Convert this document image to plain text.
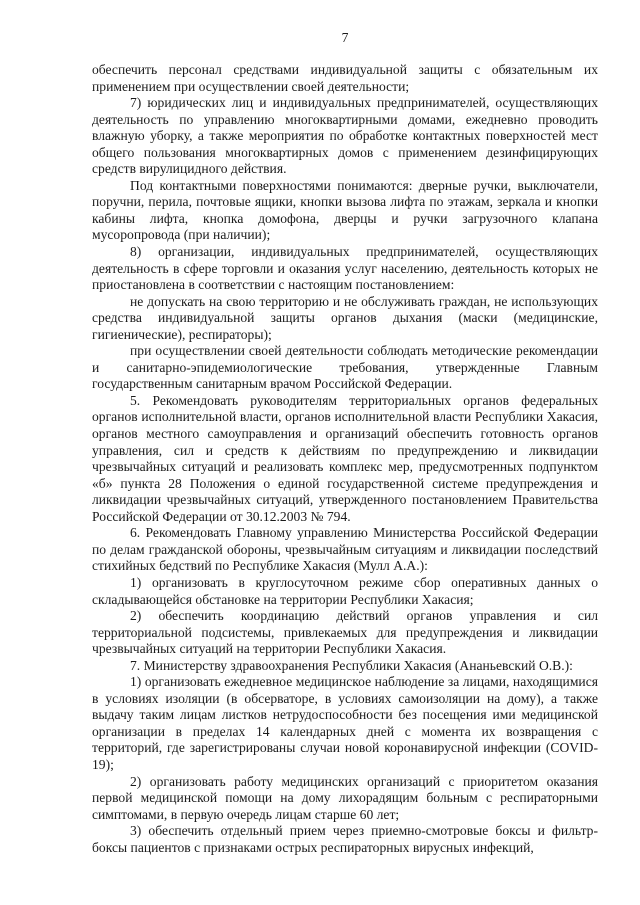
7

обеспечить персонал средствами индивидуальной защиты с обязательным их применением при осуществлении своей деятельности;

7) юридических лиц и индивидуальных предпринимателей, осуществляющих деятельность по управлению многоквартирными домами, ежедневно проводить влажную уборку, а также мероприятия по обработке контактных поверхностей мест общего пользования многоквартирных домов с применением дезинфицирующих средств вирулицидного действия.

Под контактными поверхностями понимаются: дверные ручки, выключатели, поручни, перила, почтовые ящики, кнопки вызова лифта по этажам, зеркала и кнопки кабины лифта, кнопка домофона, дверцы и ручки загрузочного клапана мусоропровода (при наличии);

8) организации, индивидуальных предпринимателей, осуществляющих деятельность в сфере торговли и оказания услуг населению, деятельность которых не приостановлена в соответствии с настоящим постановлением:

не допускать на свою территорию и не обслуживать граждан, не использующих средства индивидуальной защиты органов дыхания (маски (медицинские, гигиенические), респираторы);

при осуществлении своей деятельности соблюдать методические рекомендации и санитарно-эпидемиологические требования, утвержденные Главным государственным санитарным врачом Российской Федерации.

5. Рекомендовать руководителям территориальных органов федеральных органов исполнительной власти, органов исполнительной власти Республики Хакасия, органов местного самоуправления и организаций обеспечить готовность органов управления, сил и средств к действиям по предупреждению и ликвидации чрезвычайных ситуаций и реализовать комплекс мер, предусмотренных подпунктом «б» пункта 28 Положения о единой государственной системе предупреждения и ликвидации чрезвычайных ситуаций, утвержденного постановлением Правительства Российской Федерации от 30.12.2003 № 794.

6. Рекомендовать Главному управлению Министерства Российской Федерации по делам гражданской обороны, чрезвычайным ситуациям и ликвидации последствий стихийных бедствий по Республике Хакасия (Мулл А.А.):

1) организовать в круглосуточном режиме сбор оперативных данных о складывающейся обстановке на территории Республики Хакасия;

2) обеспечить координацию действий органов управления и сил территориальной подсистемы, привлекаемых для предупреждения и ликвидации чрезвычайных ситуаций на территории Республики Хакасия.

7. Министерству здравоохранения Республики Хакасия (Ананьевский О.В.):

1) организовать ежедневное медицинское наблюдение за лицами, находящимися в условиях изоляции (в обсерваторе, в условиях самоизоляции на дому), а также выдачу таким лицам листков нетрудоспособности без посещения ими медицинской организации в пределах 14 календарных дней с момента их возвращения с территорий, где зарегистрированы случаи новой коронавирусной инфекции (COVID-19);

2) организовать работу медицинских организаций с приоритетом оказания первой медицинской помощи на дому лихорадящим больным с респираторными симптомами, в первую очередь лицам старше 60 лет;

3) обеспечить отдельный прием через приемно-смотровые боксы и фильтр-боксы пациентов с признаками острых респираторных вирусных инфекций,
